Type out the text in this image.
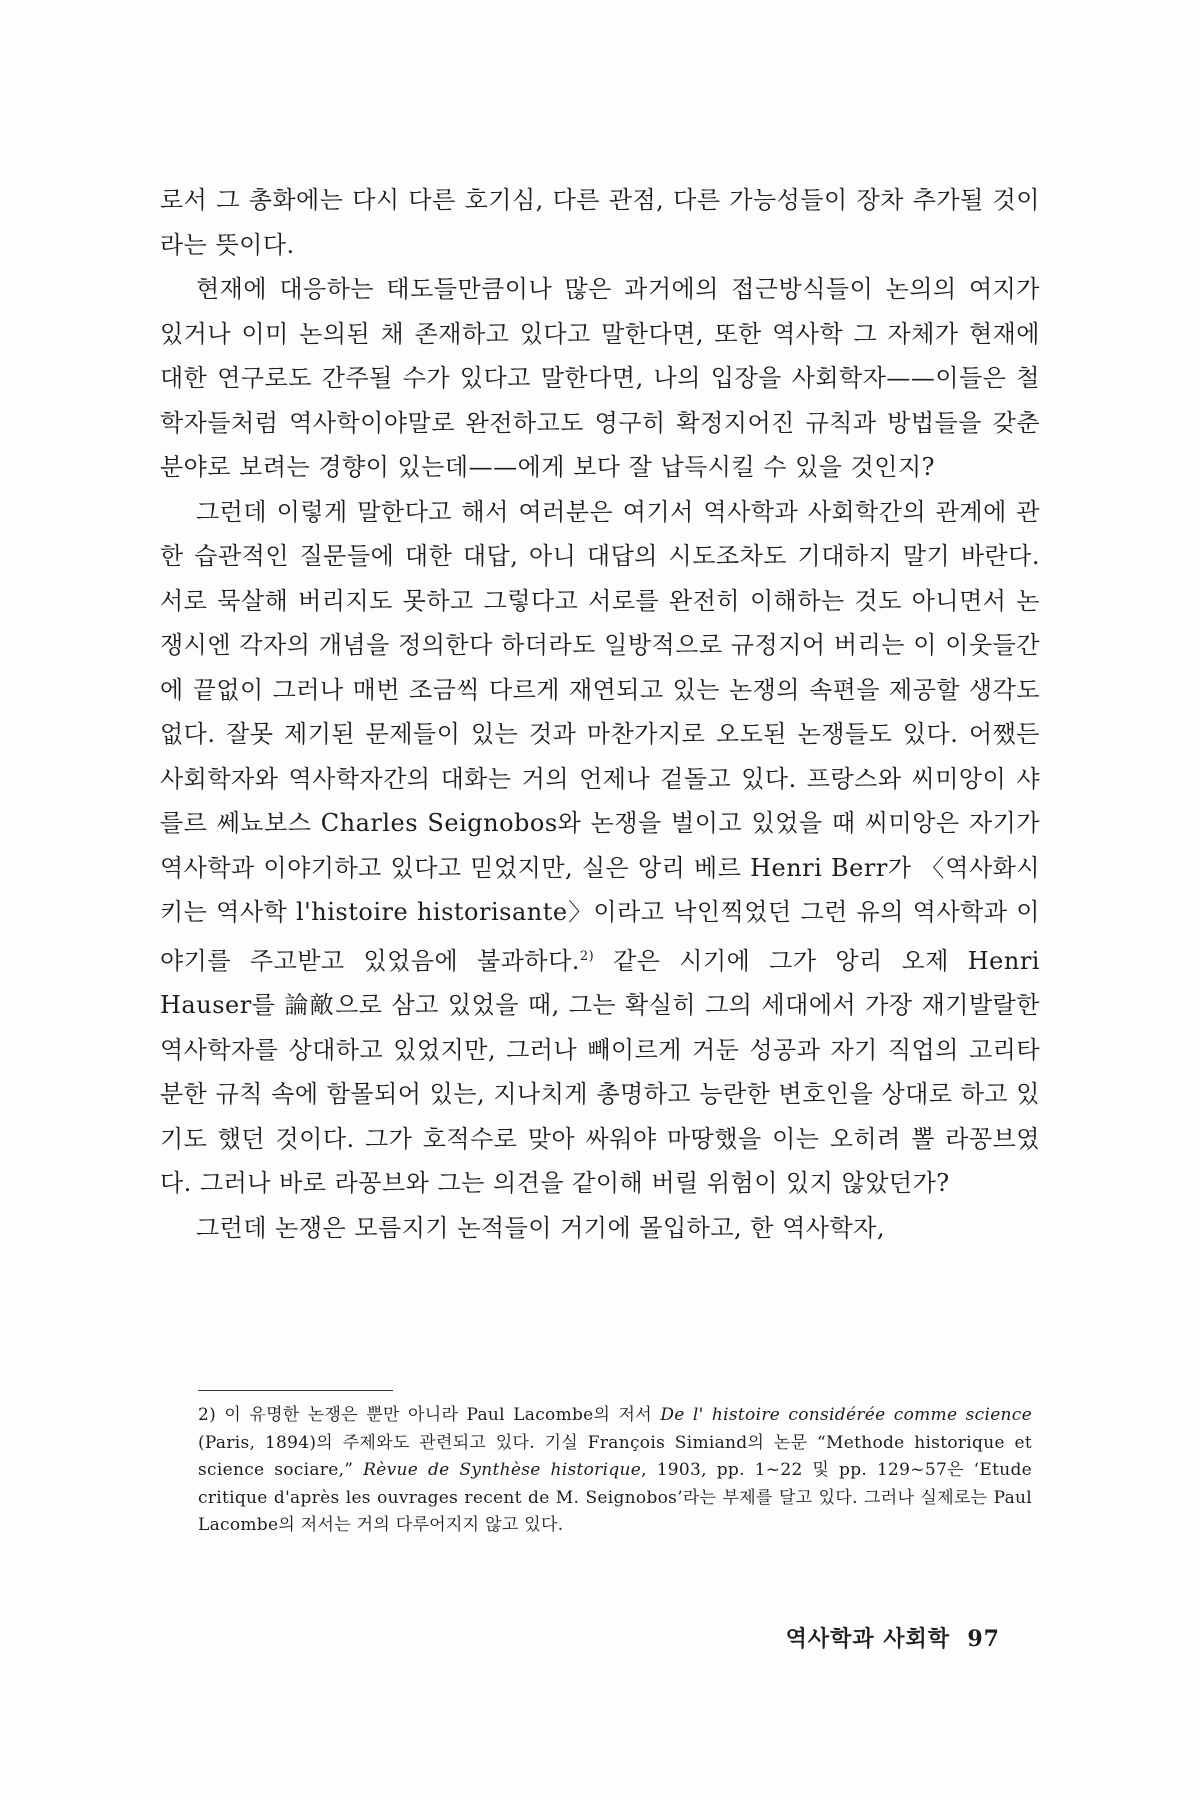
로서 그 총화에는 다시 다른 호기심, 다른 관점, 다른 가능성들이 장차 추가될 것이라는 뜻이다.

현재에 대응하는 태도들만큼이나 많은 과거에의 접근방식들이 논의의 여지가 있거나 이미 논의된 채 존재하고 있다고 말한다면, 또한 역사학 그 자체가 현재에 대한 연구로도 간주될 수가 있다고 말한다면, 나의 입장을 사회학자——이들은 철학자들처럼 역사학이야말로 완전하고도 영구히 확정지어진 규칙과 방법들을 갖춘 분야로 보려는 경향이 있는데——에게 보다 잘 납득시킬 수 있을 것인지?

그런데 이렇게 말한다고 해서 여러분은 여기서 역사학과 사회학간의 관계에 관한 습관적인 질문들에 대한 대답, 아니 대답의 시도조차도 기대하지 말기 바란다. 서로 묵살해 버리지도 못하고 그렇다고 서로를 완전히 이해하는 것도 아니면서 논쟁시엔 각자의 개념을 정의한다 하더라도 일방적으로 규정지어 버리는 이 이웃들간에 끝없이 그러나 매번 조금씩 다르게 재연되고 있는 논쟁의 속편을 제공할 생각도 없다. 잘못 제기된 문제들이 있는 것과 마찬가지로 오도된 논쟁들도 있다. 어쨌든 사회학자와 역사학자간의 대화는 거의 언제나 겉돌고 있다. 프랑스와 씨미앙이 샤를르 쎄뇨보스 Charles Seignobos와 논쟁을 벌이고 있었을 때 씨미앙은 자기가 역사학과 이야기하고 있다고 믿었지만, 실은 앙리 베르 Henri Berr가 〈역사화시키는 역사학 l'histoire historisante〉이라고 낙인찍었던 그런 유의 역사학과 이야기를 주고받고 있었음에 불과하다.$^{2)}$ 같은 시기에 그가 앙리 오제 Henri Hauser를 論敵으로 삼고 있었을 때, 그는 확실히 그의 세대에서 가장 재기발랄한 역사학자를 상대하고 있었지만, 그러나 빼이르게 거둔 성공과 자기 직업의 고리타분한 규칙 속에 함몰되어 있는, 지나치게 총명하고 능란한 변호인을 상대로 하고 있기도 했던 것이다. 그가 호적수로 맞아 싸워야 마땅했을 이는 오히려 뽈 라꽁브였다. 그러나 바로 라꽁브와 그는 의견을 같이해 버릴 위험이 있지 않았던가?

그런데 논쟁은 모름지기 논적들이 거기에 몰입하고, 한 역사학자,

2) 이 유명한 논쟁은 뿐만 아니라 Paul Lacombe의 저서 De l' histoire considérée comme science (Paris, 1894)의 주제와도 관련되고 있다. 기실 François Simiand의 논문 “Methode historique et science sociare,” Rèvue de Synthèse historique, 1903, pp. 1~22 및 pp. 129~57은 ‘Etude critique d'après les ouvrages recent de M. Seignobos’라는 부제를 달고 있다. 그러나 실제로는 Paul Lacombe의 저서는 거의 다루어지지 않고 있다.

역사학과 사회학 97
